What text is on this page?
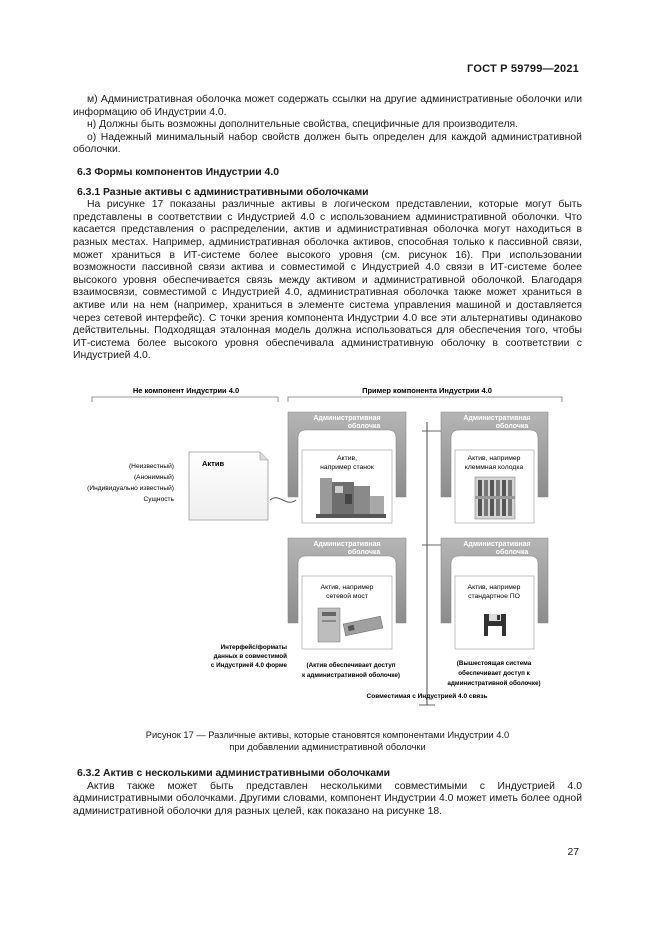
ГОСТ Р 59799—2021

м) Административная оболочка может содержать ссылки на другие административные оболочки или информацию об Индустрии 4.0.

н) Должны быть возможны дополнительные свойства, специфичные для производителя.

о) Надежный минимальный набор свойств должен быть определен для каждой административной оболочки.

6.3 Формы компонентов Индустрии 4.0
6.3.1 Разные активы с административными оболочками

На рисунке 17 показаны различные активы в логическом представлении, которые могут быть представлены в соответствии с Индустрией 4.0 с использованием административной оболочки. Что касается представления о распределении, актив и административная оболочка могут находиться в разных местах. Например, административная оболочка активов, способная только к пассивной связи, может храниться в ИТ-системе более высокого уровня (см. рисунок 16). При использовании возможности пассивной связи актива и совместимой с Индустрией 4.0 связи в ИТ-системе более высокого уровня обеспечивается связь между активом и административной оболочкой. Благодаря взаимосвязи, совместимой с Индустрией 4.0, административная оболочка также может храниться в активе или на нем (например, храниться в элементе система управления машиной и доставляется через сетевой интерфейс). С точки зрения компонента Индустрии 4.0 все эти альтернативы одинаково действительны. Подходящая эталонная модель должна использоваться для обеспечения того, чтобы ИТ-система более высокого уровня обеспечивала административную оболочку в соответствии с Индустрией 4.0.

Не компонент Индустрии 4.0	Пример компонента Индустрии 4.0
(Неизвестный)
(Анонимный)
(Индивидуально известный)
Сущность
Актив
Административная
оболочка
Актив,
например станок
Административная
оболочка
Актив, например
клеммная колодка
Административная
оболочка
Актив, например
сетевой мост
Административная
оболочка
Актив, например
стандартное ПО
Интерфейс/форматы
данных в совместимой
с Индустрией 4.0 форме	(Актив обеспечивает доступ
к административной оболочке)
(Вышестоящая система
обеспечивает доступ к
административной оболочке)
Совместимая с Индустрией 4.0 связь
Рисунок 17 — Различные активы, которые становятся компонентами Индустрии 4.0
при добавлении административной оболочки
6.3.2 Актив с несколькими административными оболочками

Актив также может быть представлен несколькими совместимыми с Индустрией 4.0 административными оболочками. Другими словами, компонент Индустрии 4.0 может иметь более одной административной оболочки для разных целей, как показано на рисунке 18.

27
